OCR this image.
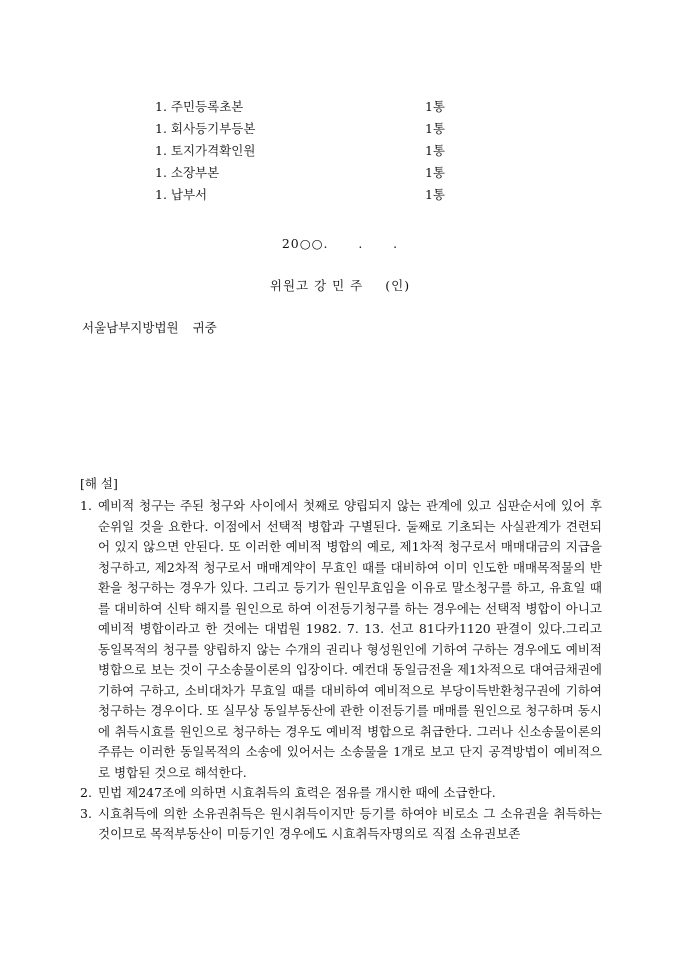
1. 주민등록초본	1통
1. 회사등기부등본	1통
1. 토지가격확인원	1통
1. 소장부본	1통
1. 납부서	1통
20○○.      .      .
위원고 강 민 주 (인)
서울남부지방법원 귀중
[해 설]
1. 예비적 청구는 주된 청구와 사이에서 첫째로 양립되지 않는 관계에 있고 심판순서에 있어 후순위일 것을 요한다. 이점에서 선택적 병합과 구별된다. 둘째로 기초되는 사실관계가 견련되어 있지 않으면 안된다. 또 이러한 예비적 병합의 예로, 제1차적 청구로서 매매대금의 지급을 청구하고, 제2차적 청구로서 매매계약이 무효인 때를 대비하여 이미 인도한 매매목적물의 반환을 청구하는 경우가 있다. 그리고 등기가 원인무효임을 이유로 말소청구를 하고, 유효일 때를 대비하여 신탁 해지를 원인으로 하여 이전등기청구를 하는 경우에는 선택적 병합이 아니고 예비적 병합이라고 한 것에는 대법원 1982. 7. 13. 선고 81다카1120 판결이 있다.그리고 동일목적의 청구를 양립하지 않는 수개의 권리나 형성원인에 기하여 구하는 경우에도 예비적 병합으로 보는 것이 구소송물이론의 입장이다. 예컨대 동일금전을 제1차적으로 대여금채권에 기하여 구하고, 소비대차가 무효일 때를 대비하여 예비적으로 부당이득반환청구권에 기하여 청구하는 경우이다. 또 실무상 동일부동산에 관한 이전등기를 매매를 원인으로 청구하며 동시에 취득시효를 원인으로 청구하는 경우도 예비적 병합으로 취급한다. 그러나 신소송물이론의 주류는 이러한 동일목적의 소송에 있어서는 소송물을 1개로 보고 단지 공격방법이 예비적으로 병합된 것으로 해석한다.
2. 민법 제247조에 의하면 시효취득의 효력은 점유를 개시한 때에 소급한다.
3. 시효취득에 의한 소유권취득은 원시취득이지만 등기를 하여야 비로소 그 소유권을 취득하는 것이므로 목적부동산이 미등기인 경우에도 시효취득자명의로 직접 소유권보존
